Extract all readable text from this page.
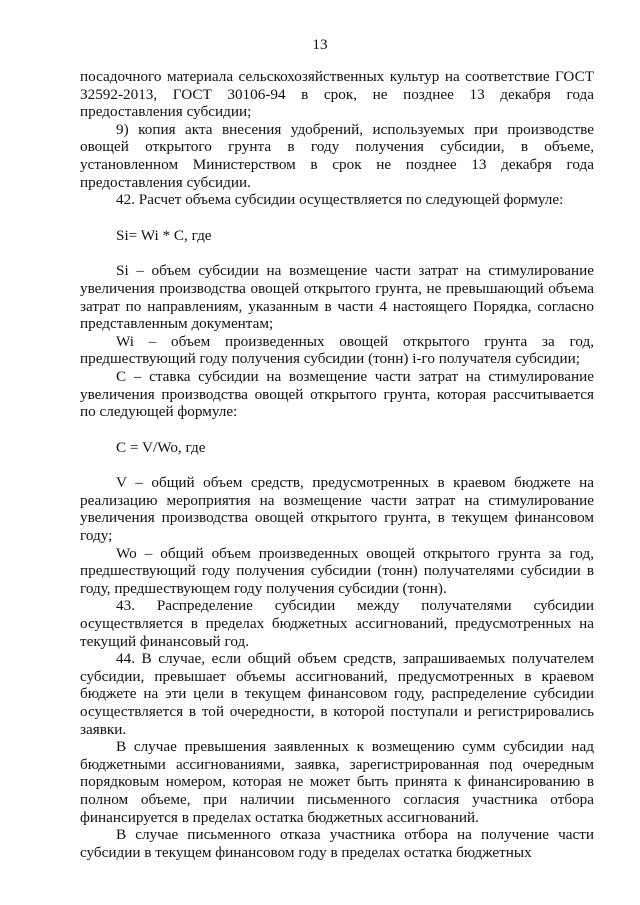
13

посадочного материала сельскохозяйственных культур на соответствие ГОСТ 32592-2013, ГОСТ 30106-94 в срок, не позднее 13 декабря года предоставления субсидии;

9) копия акта внесения удобрений, используемых при производстве овощей открытого грунта в году получения субсидии, в объеме, установленном Министерством в срок не позднее 13 декабря года предоставления субсидии.

42. Расчет объема субсидии осуществляется по следующей формуле:

Si= Wi * C, где

Si – объем субсидии на возмещение части затрат на стимулирование увеличения производства овощей открытого грунта, не превышающий объема затрат по направлениям, указанным в части 4 настоящего Порядка, согласно представленным документам;

Wi – объем произведенных овощей открытого грунта за год, предшествующий году получения субсидии (тонн) i-го получателя субсидии;

C – ставка субсидии на возмещение части затрат на стимулирование увеличения производства овощей открытого грунта, которая рассчитывается по следующей формуле:

C = V/Wo, где

V – общий объем средств, предусмотренных в краевом бюджете на реализацию мероприятия на возмещение части затрат на стимулирование увеличения производства овощей открытого грунта, в текущем финансовом году;

Wo – общий объем произведенных овощей открытого грунта за год, предшествующий году получения субсидии (тонн) получателями субсидии в году, предшествующем году получения субсидии (тонн).

43. Распределение субсидии между получателями субсидии осуществляется в пределах бюджетных ассигнований, предусмотренных на текущий финансовый год.

44. В случае, если общий объем средств, запрашиваемых получателем субсидии, превышает объемы ассигнований, предусмотренных в краевом бюджете на эти цели в текущем финансовом году, распределение субсидии осуществляется в той очередности, в которой поступали и регистрировались заявки.

В случае превышения заявленных к возмещению сумм субсидии над бюджетными ассигнованиями, заявка, зарегистрированная под очередным порядковым номером, которая не может быть принята к финансированию в полном объеме, при наличии письменного согласия участника отбора финансируется в пределах остатка бюджетных ассигнований.

В случае письменного отказа участника отбора на получение части субсидии в текущем финансовом году в пределах остатка бюджетных
